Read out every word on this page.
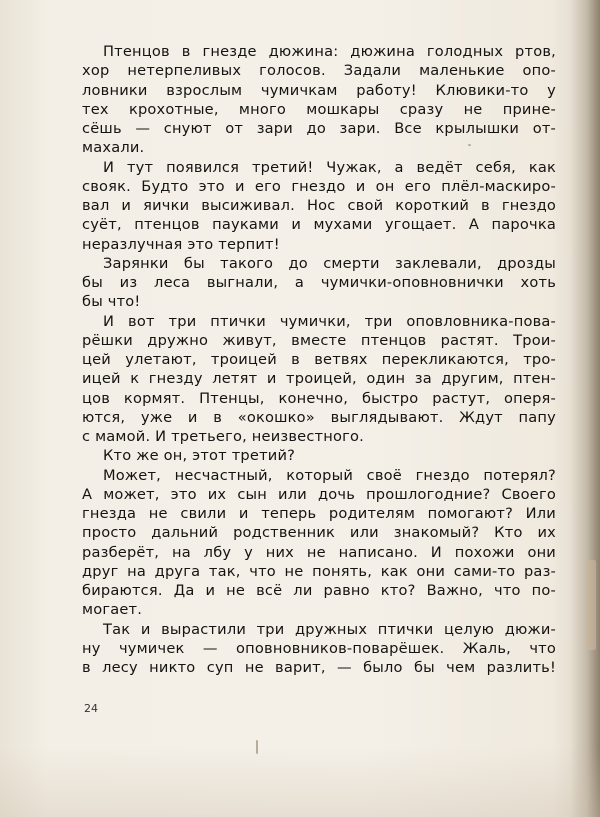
Птенцов в гнезде дюжина: дюжина голодных ртов,
хор нетерпеливых голосов. Задали маленькие опо-
ловники взрослым чумичкам работу! Клювики-то у
тех крохотные, много мошкары сразу не прине-
сёшь — снуют от зари до зари. Все крылышки от-
махали.
И тут появился третий! Чужак, а ведёт себя, как
свояк. Будто это и его гнездо и он его плёл-маскиро-
вал и яички высиживал. Нос свой короткий в гнездо
суёт, птенцов пауками и мухами угощает. А парочка
неразлучная это терпит!
Зарянки бы такого до смерти заклевали, дрозды
бы из леса выгнали, а чумички-оповновнички хоть
бы что!
И вот три птички чумички, три оповловника-пова-
рёшки дружно живут, вместе птенцов растят. Трои-
цей улетают, троицей в ветвях перекликаются, тро-
ицей к гнезду летят и троицей, один за другим, птен-
цов кормят. Птенцы, конечно, быстро растут, оперя-
ются, уже и в «окошко» выглядывают. Ждут папу
с мамой. И третьего, неизвестного.
Кто же он, этот третий?
Может, несчастный, который своё гнездо потерял?
А может, это их сын или дочь прошлогодние? Своего
гнезда не свили и теперь родителям помогают? Или
просто дальний родственник или знакомый? Кто их
разберёт, на лбу у них не написано. И похожи они
друг на друга так, что не понять, как они сами-то раз-
бираются. Да и не всё ли равно кто? Важно, что по-
могает.
Так и вырастили три дружных птички целую дюжи-
ну чумичек — оповновников-поварёшек. Жаль, что
в лесу никто суп не варит, — было бы чем разлить!
24
